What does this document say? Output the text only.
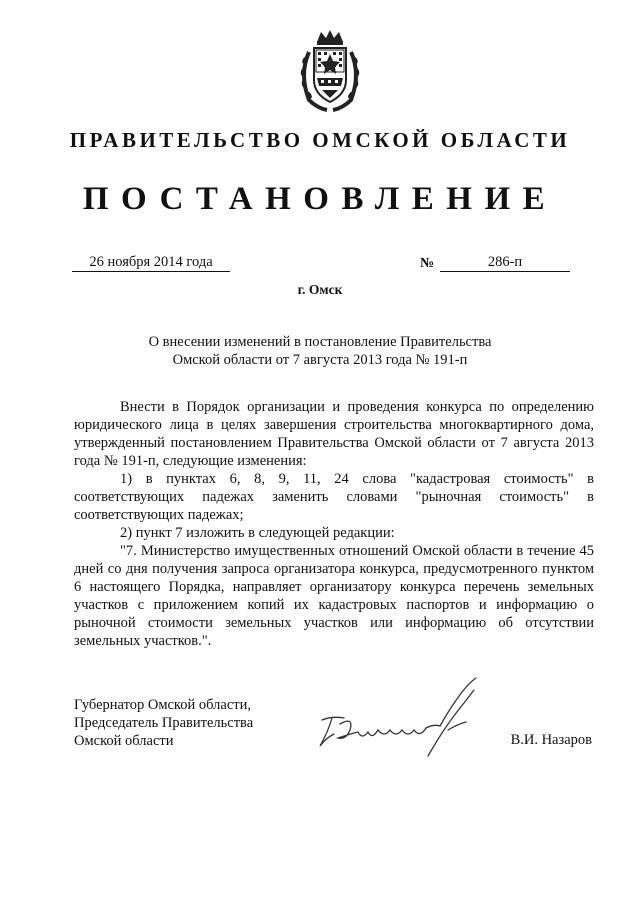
ПРАВИТЕЛЬСТВО ОМСКОЙ ОБЛАСТИ
ПОСТАНОВЛЕНИЕ
26 ноября 2014 года	№	286-п
г. Омск
О внесении изменений в постановление Правительства
Омской области от 7 августа 2013 года № 191-п

Внести в Порядок организации и проведения конкурса по определению юридического лица в целях завершения строительства многоквартирного дома, утвержденный постановлением Правительства Омской области от 7 августа 2013 года № 191-п, следующие изменения:

1) в пунктах 6, 8, 9, 11, 24 слова "кадастровая стоимость" в соответствующих падежах заменить словами "рыночная стоимость" в соответствующих падежах;

2) пункт 7 изложить в следующей редакции:

"7. Министерство имущественных отношений Омской области в течение 45 дней со дня получения запроса организатора конкурса, предусмотренного пунктом 6 настоящего Порядка, направляет организатору конкурса перечень земельных участков с приложением копий их кадастровых паспортов и информацию о рыночной стоимости земельных участков или информацию об отсутствии земельных участков.".

Губернатор Омской области,
Председатель Правительства
Омской области	В.И. Назаров
